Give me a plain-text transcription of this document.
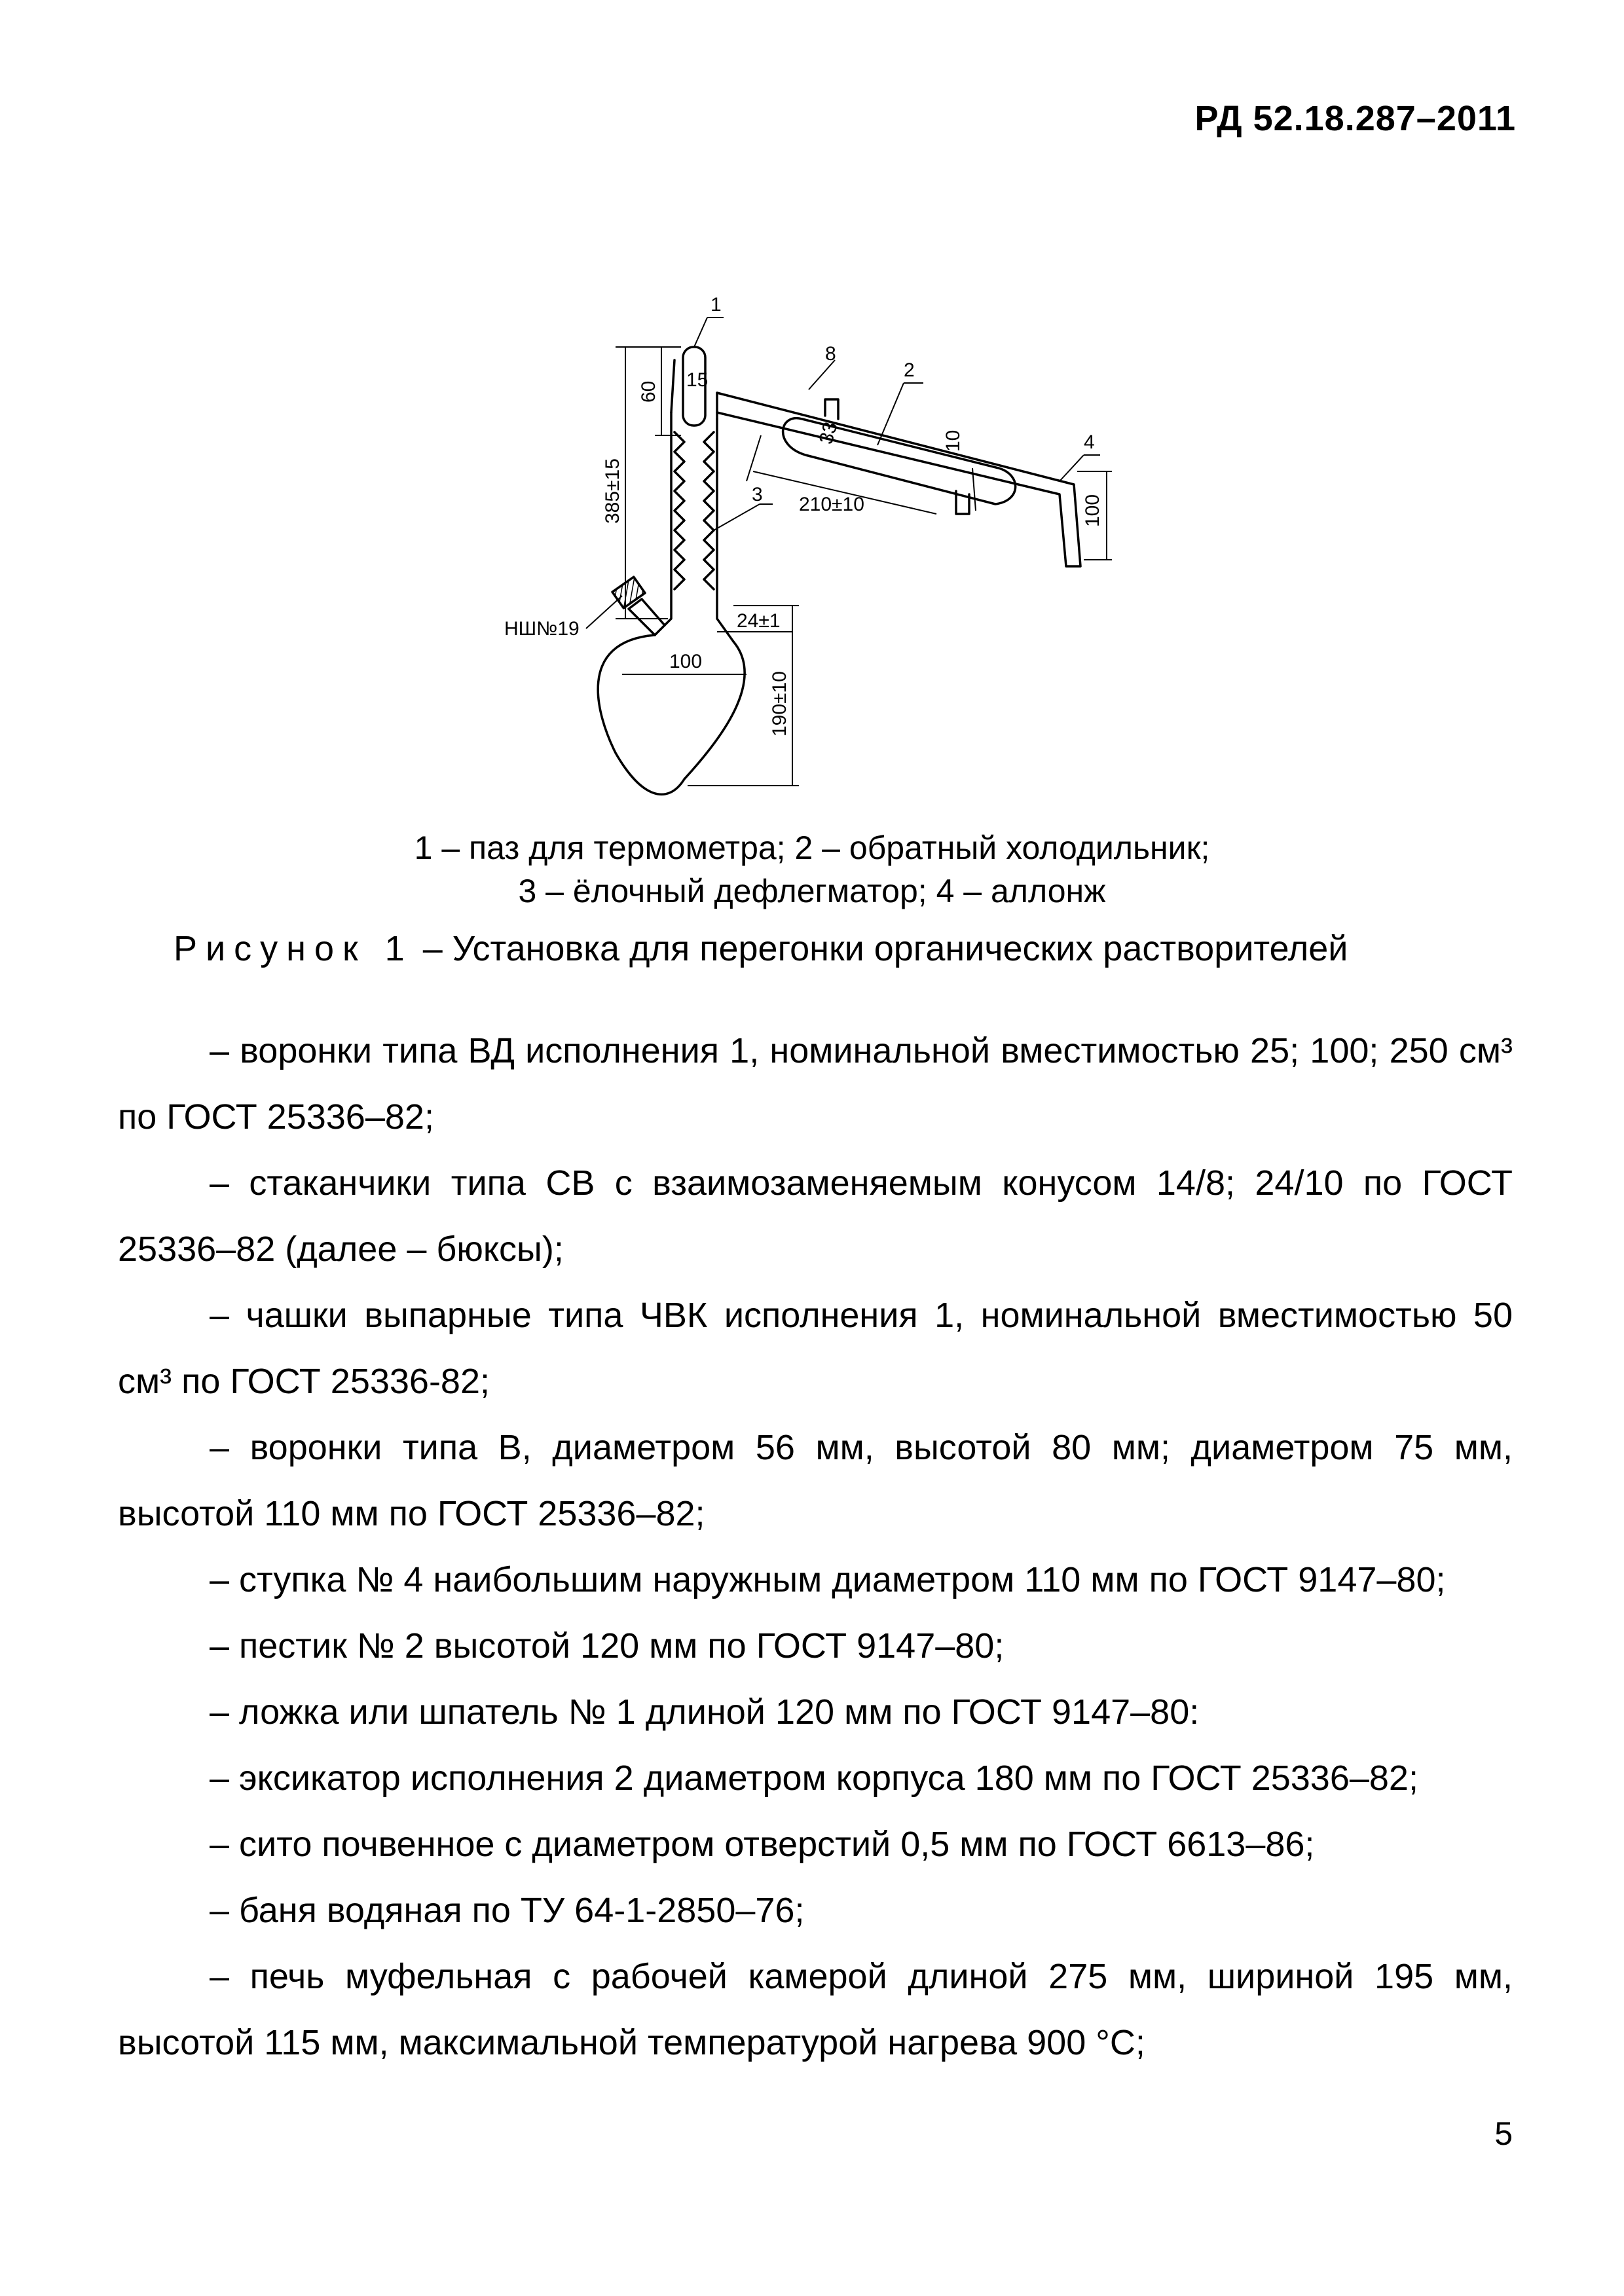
РД 52.18.287–2011
1
2
3
4
8
60
15
10
33
385±15	210±10	100
НШ№19	24±1
100
190±10
1 – паз для термометра; 2 – обратный холодильник;
3 – ёлочный дефлегматор; 4 – аллонж
Рисунок 1 – Установка для перегонки органических растворителей

– воронки типа ВД исполнения 1, номинальной вместимостью 25; 100; 250 см³ по ГОСТ 25336–82;

– стаканчики типа СВ с взаимозаменяемым конусом 14/8; 24/10 по ГОСТ 25336–82 (далее – бюксы);

– чашки выпарные типа ЧВК исполнения 1, номинальной вместимостью 50 см³ по ГОСТ 25336-82;

– воронки типа В, диаметром 56 мм, высотой 80 мм; диаметром 75 мм, высотой 110 мм по ГОСТ 25336–82;

– ступка № 4 наибольшим наружным диаметром 110 мм по ГОСТ 9147–80;

– пестик № 2 высотой 120 мм по ГОСТ 9147–80;

– ложка или шпатель № 1 длиной 120 мм по ГОСТ 9147–80:

– эксикатор исполнения 2 диаметром корпуса 180 мм по ГОСТ 25336–82;

– сито почвенное с диаметром отверстий 0,5 мм по ГОСТ 6613–86;

– баня водяная по ТУ 64-1-2850–76;

– печь муфельная с рабочей камерой длиной 275 мм, шириной 195 мм, высотой 115 мм, максимальной температурой нагрева 900 °С;

5
